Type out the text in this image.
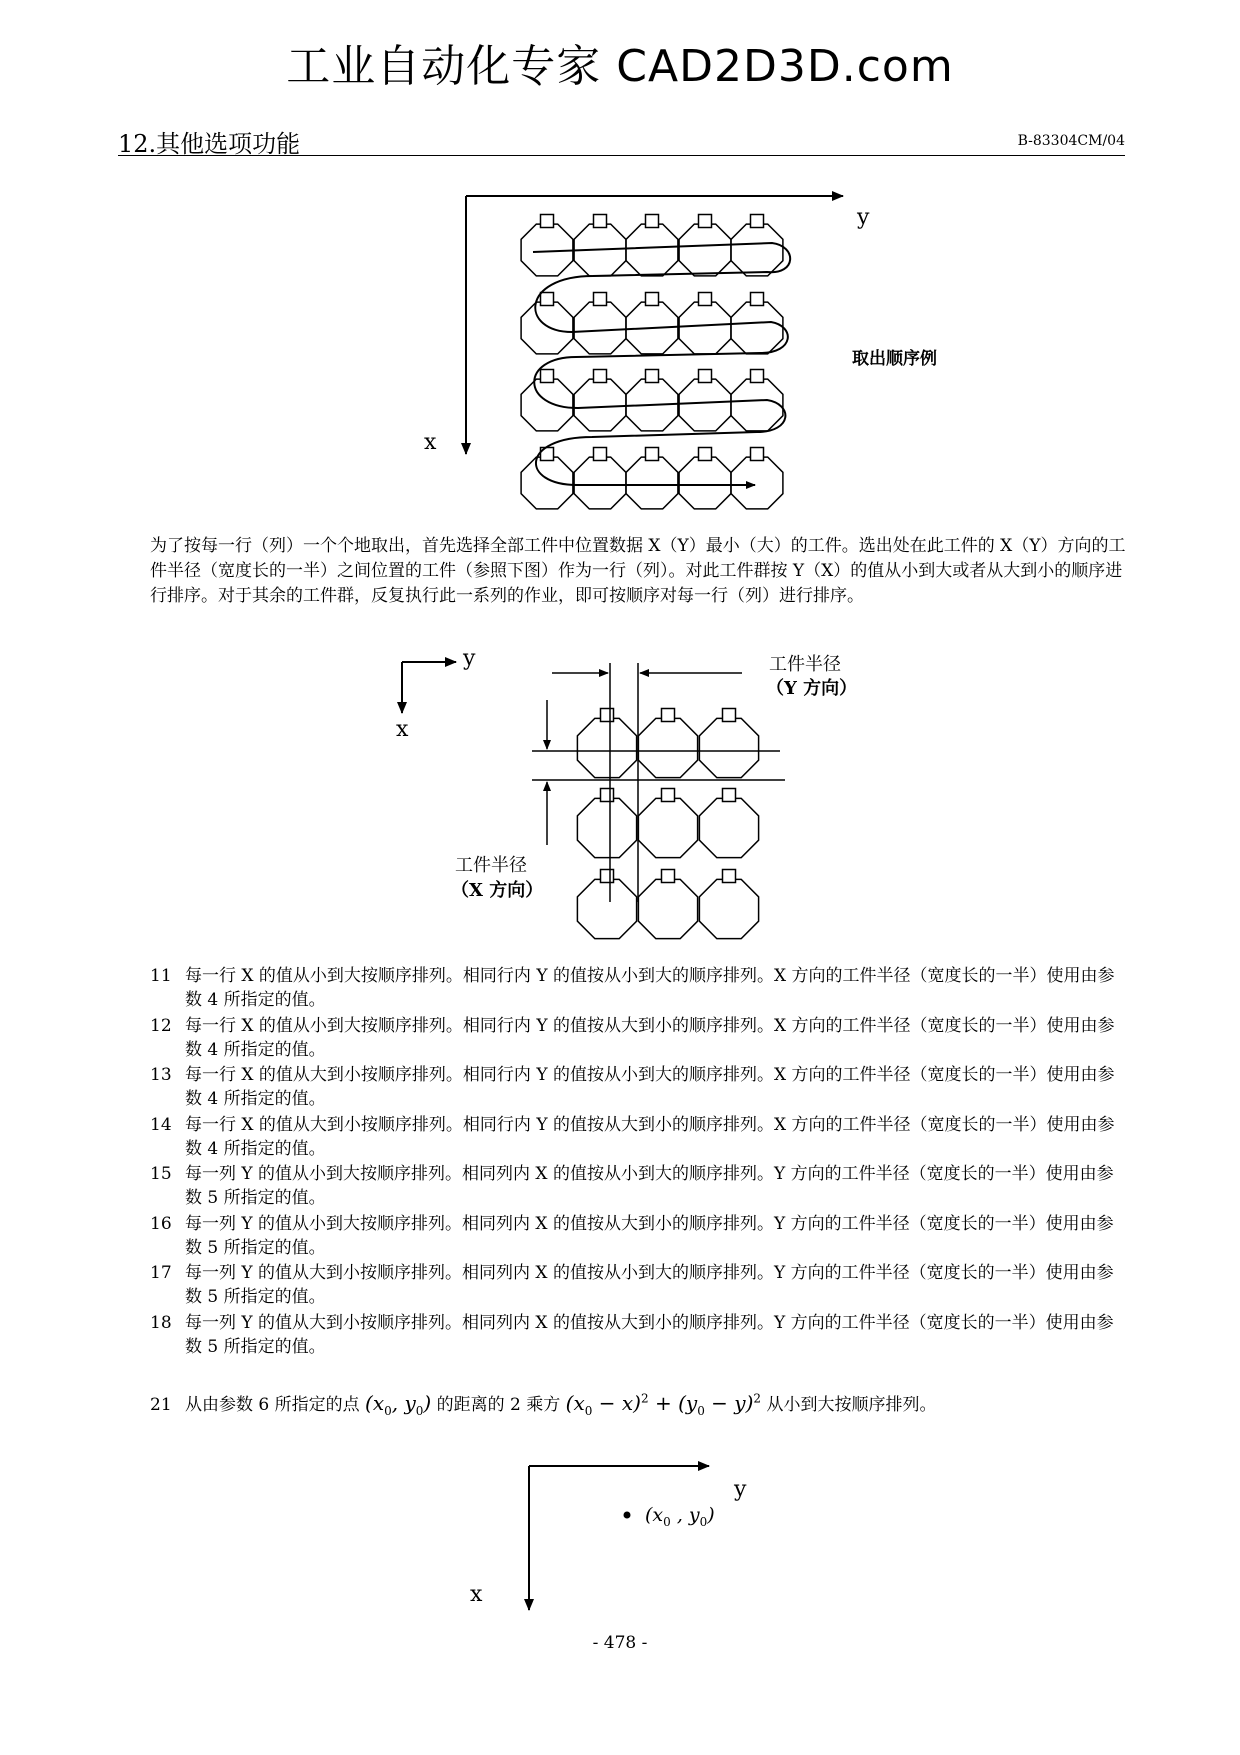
工业自动化专家 CAD2D3D.com
12.其他选项功能	B-83304CM/04
y
x
取出顺序例
为了按每一行（列）一个个地取出，首先选择全部工件中位置数据 X（Y）最小（大）的工件。选出处在此工件的 X（Y）方向的工件半径（宽度长的一半）之间位置的工件（参照下图）作为一行（列）。对此工件群按 Y（X）的值从小到大或者从大到小的顺序进行排序。对于其余的工件群，反复执行此一系列的作业，即可按顺序对每一行（列）进行排序。
y
x
工件半径
（Y 方向）
工件半径
（X 方向）
11 每一行 X 的值从小到大按顺序排列。相同行内 Y 的值按从小到大的顺序排列。X 方向的工件半径（宽度长的一半）使用由参数 4 所指定的值。
12 每一行 X 的值从小到大按顺序排列。相同行内 Y 的值按从大到小的顺序排列。X 方向的工件半径（宽度长的一半）使用由参数 4 所指定的值。
13 每一行 X 的值从大到小按顺序排列。相同行内 Y 的值按从小到大的顺序排列。X 方向的工件半径（宽度长的一半）使用由参数 4 所指定的值。
14 每一行 X 的值从大到小按顺序排列。相同行内 Y 的值按从大到小的顺序排列。X 方向的工件半径（宽度长的一半）使用由参数 4 所指定的值。
15 每一列 Y 的值从小到大按顺序排列。相同列内 X 的值按从小到大的顺序排列。Y 方向的工件半径（宽度长的一半）使用由参数 5 所指定的值。
16 每一列 Y 的值从小到大按顺序排列。相同列内 X 的值按从大到小的顺序排列。Y 方向的工件半径（宽度长的一半）使用由参数 5 所指定的值。
17 每一列 Y 的值从大到小按顺序排列。相同列内 X 的值按从小到大的顺序排列。Y 方向的工件半径（宽度长的一半）使用由参数 5 所指定的值。
18 每一列 Y 的值从大到小按顺序排列。相同列内 X 的值按从大到小的顺序排列。Y 方向的工件半径（宽度长的一半）使用由参数 5 所指定的值。
21 从由参数 6 所指定的点 ($x_0$, $y_0$) 的距离的 2 乘方 $(x_0 - x)^2 + (y_0 - y)^2$ 从小到大按顺序排列。
y
x
($x_0$ , $y_0$)
- 478 -
